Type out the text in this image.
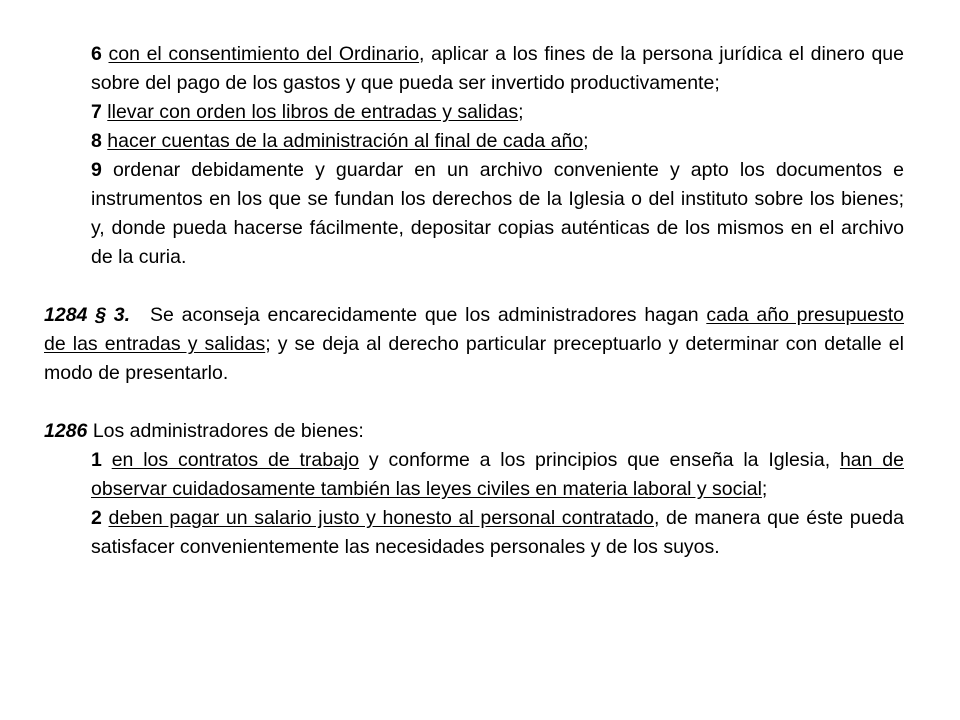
6 con el consentimiento del Ordinario, aplicar a los fines de la persona jurídica el dinero que sobre del pago de los gastos y que pueda ser invertido productivamente;

7 llevar con orden los libros de entradas y salidas;

8 hacer cuentas de la administración al final de cada año;

9 ordenar debidamente y guardar en un archivo conveniente y apto los documentos e instrumentos en los que se fundan los derechos de la Iglesia o del instituto sobre los bienes; y, donde pueda hacerse fácilmente, depositar copias auténticas de los mismos en el archivo de la curia.

1284 § 3. Se aconseja encarecidamente que los administradores hagan cada año presupuesto de las entradas y salidas; y se deja al derecho particular preceptuarlo y determinar con detalle el modo de presentarlo.

1286 Los administradores de bienes:

1 en los contratos de trabajo y conforme a los principios que enseña la Iglesia, han de observar cuidadosamente también las leyes civiles en materia laboral y social;

2 deben pagar un salario justo y honesto al personal contratado, de manera que éste pueda satisfacer convenientemente las necesidades personales y de los suyos.
